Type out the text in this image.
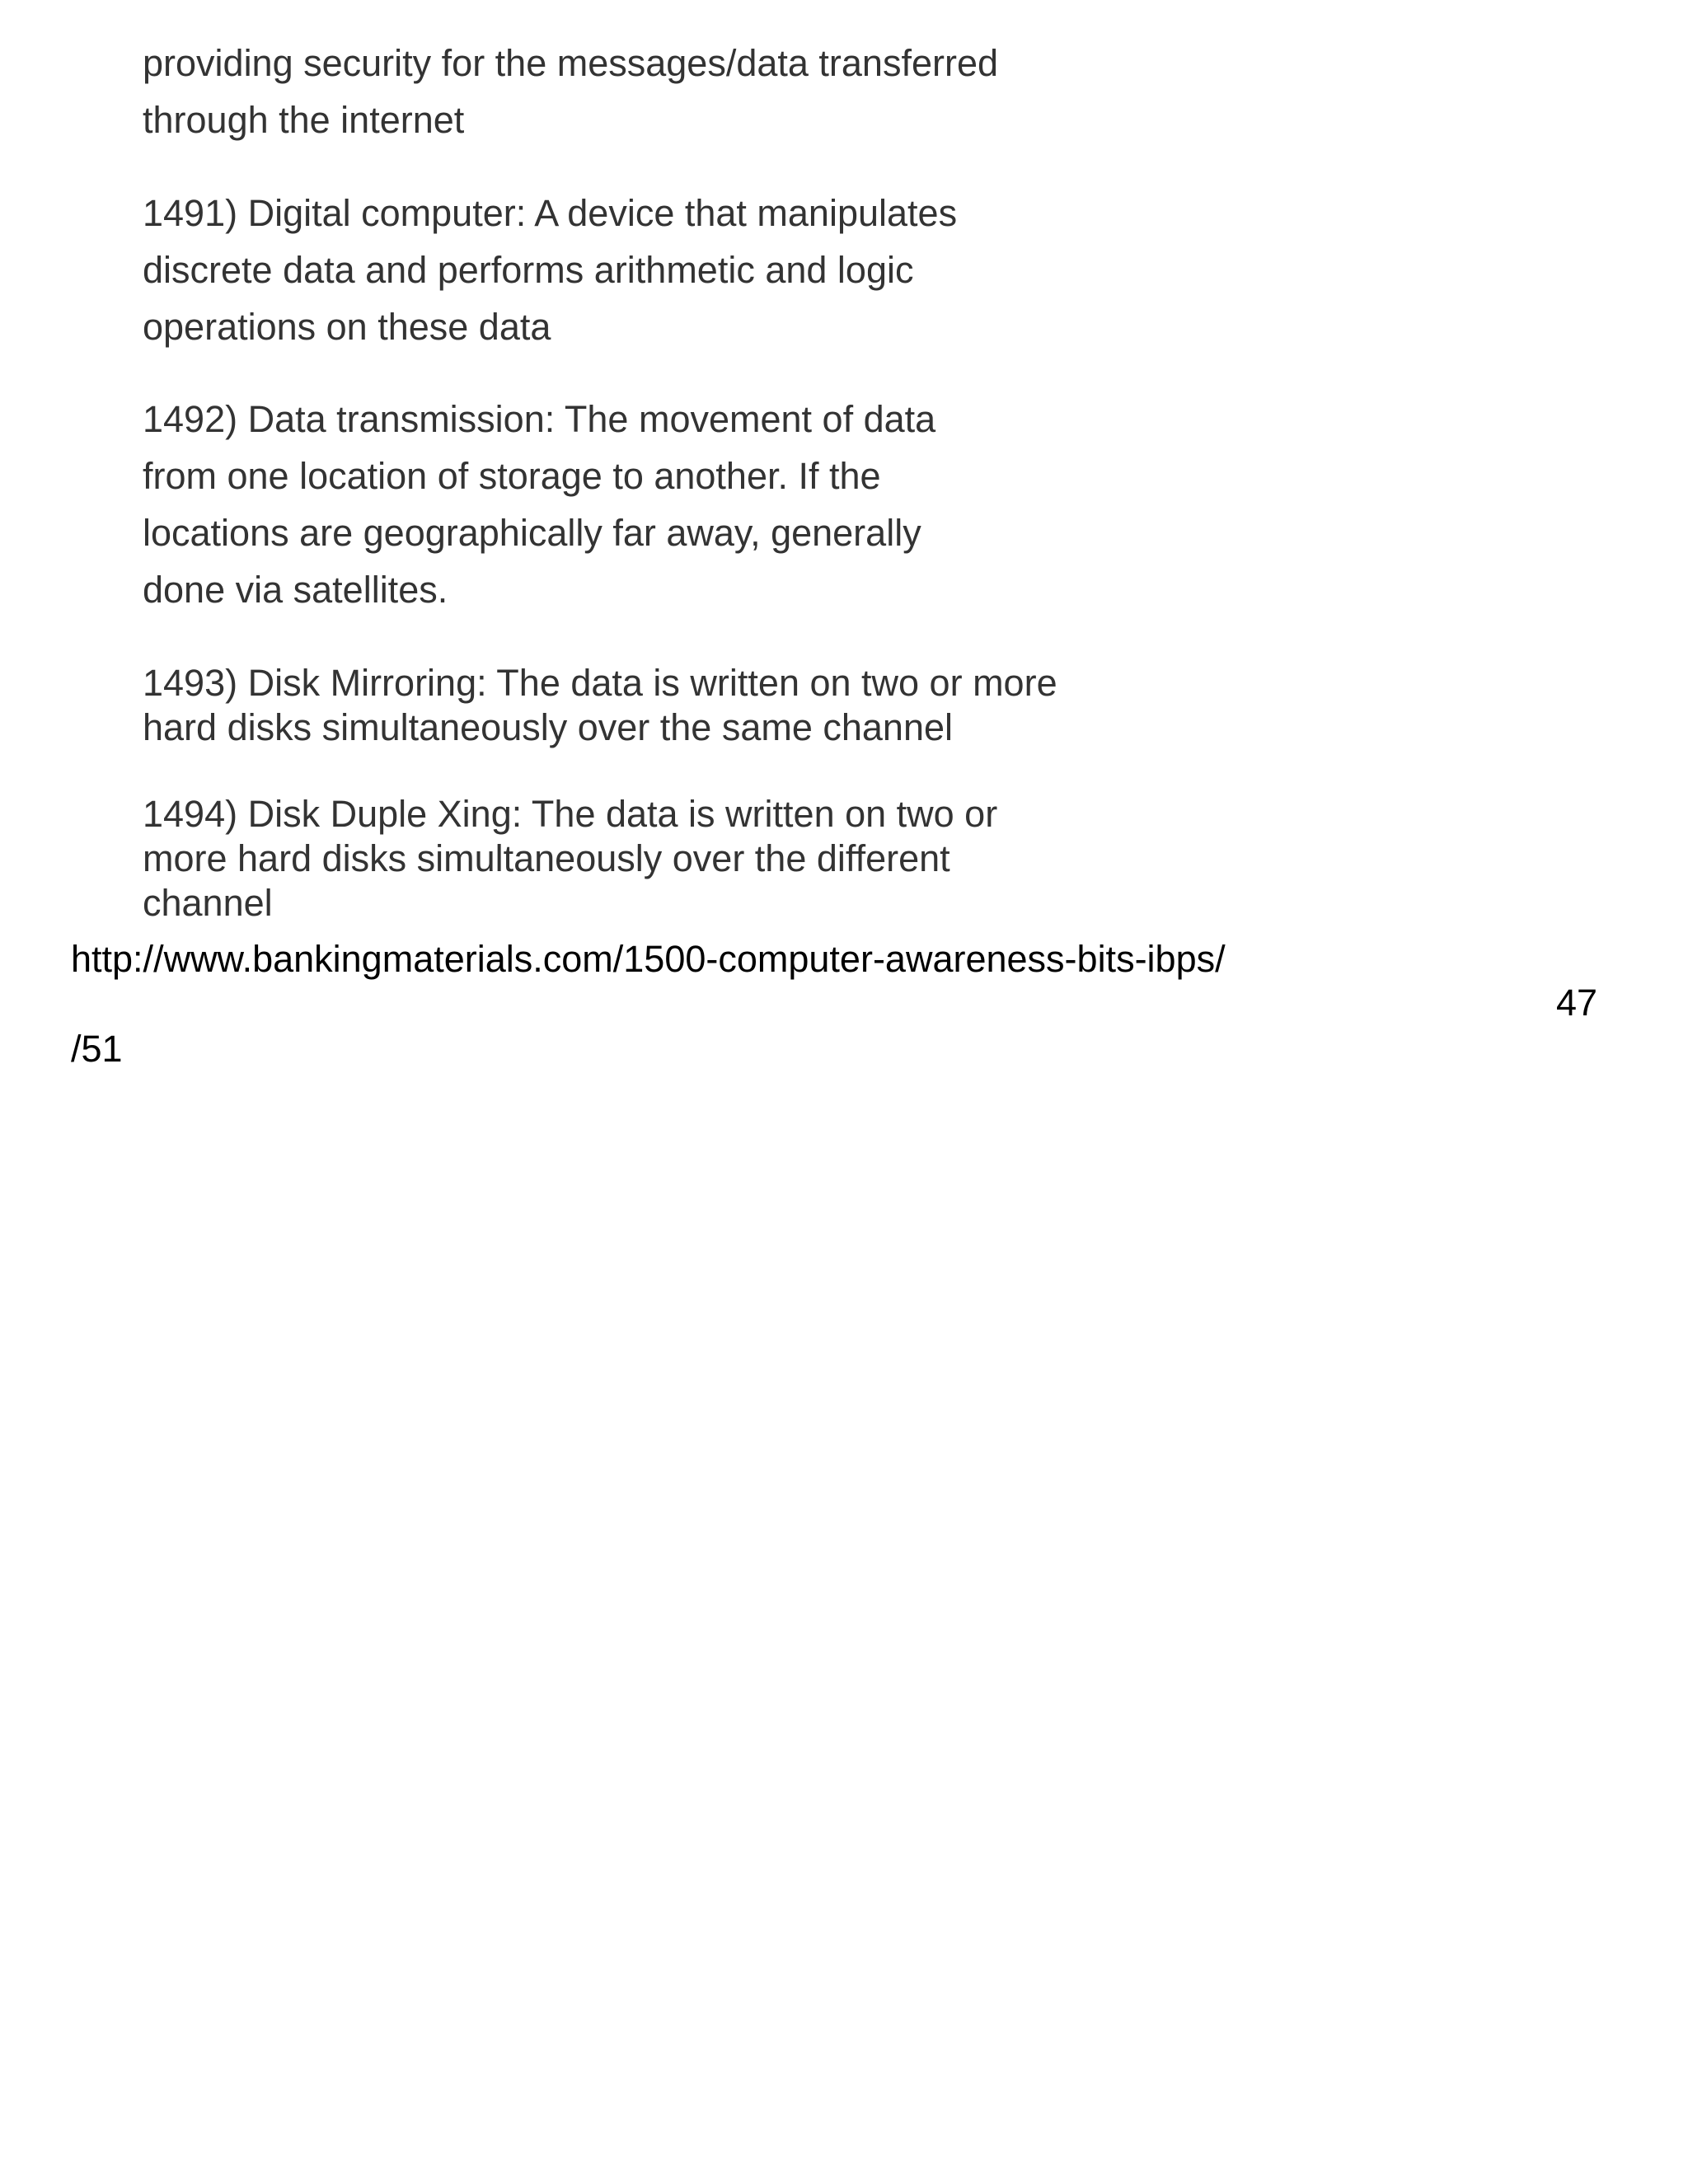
providing security for the messages/data transferred
through the internet
1491) Digital computer: A device that manipulates
discrete data and performs arithmetic and logic
operations on these data
1492) Data transmission: The movement of data
from one location of storage to another. If the
locations are geographically far away, generally
done via satellites.
1493) Disk Mirroring: The data is written on two or more
hard disks simultaneously over the same channel
1494) Disk Duple Xing: The data is written on two or
more hard disks simultaneously over the different
channel
http://www.bankingmaterials.com/1500-computer-awareness-bits-ibps/
47
/51
